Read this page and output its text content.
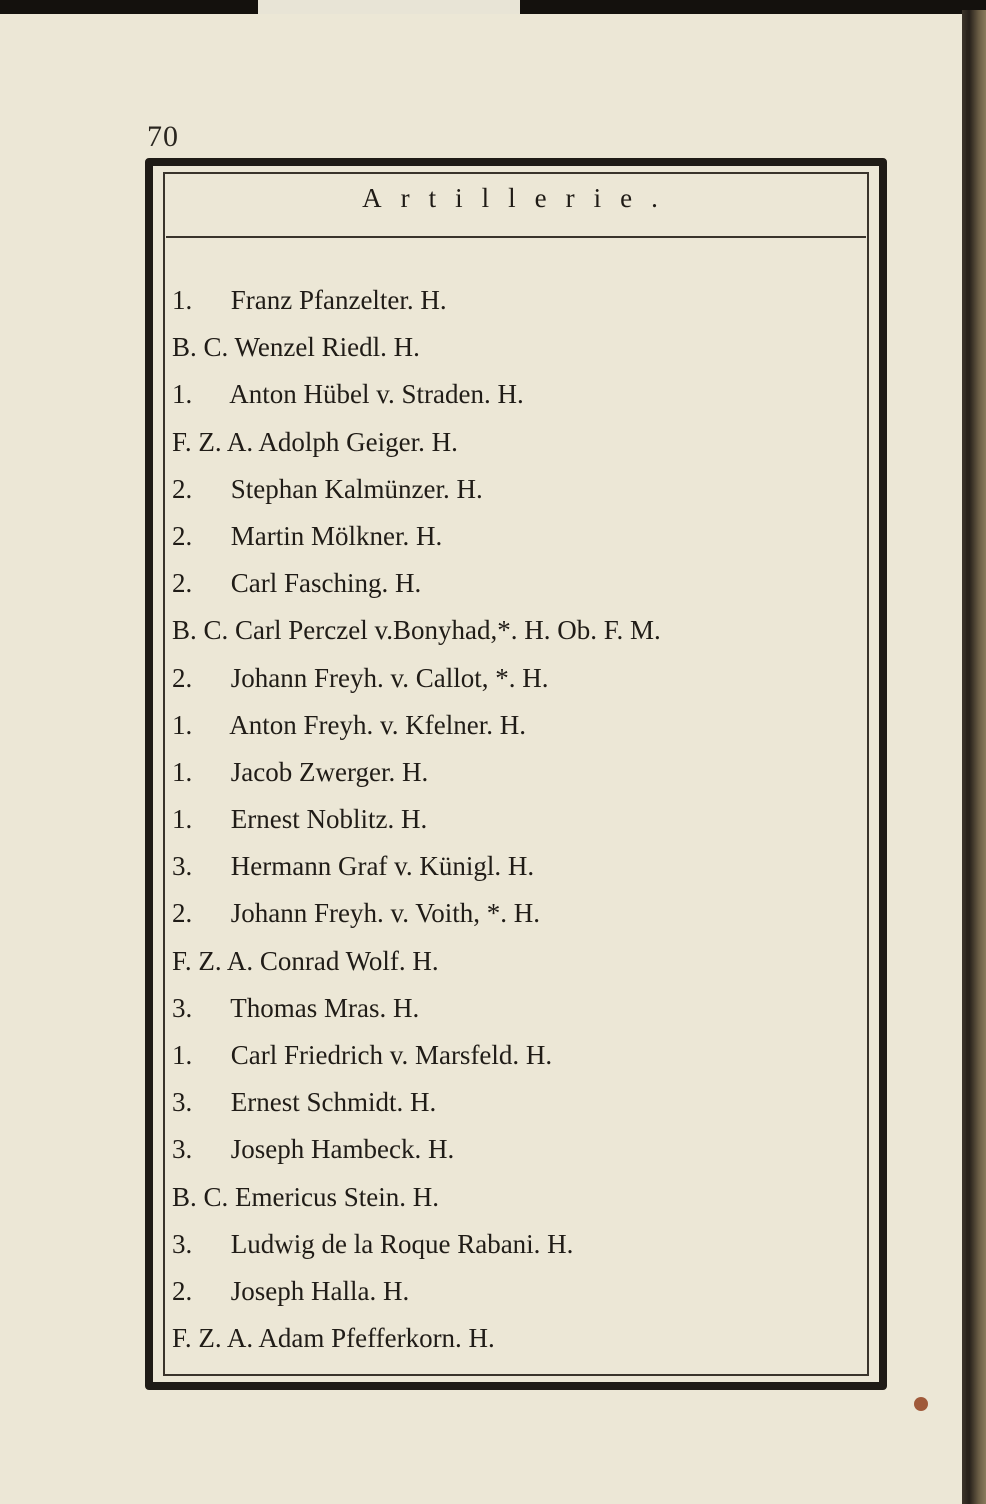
70
Artillerie.
1. Franz Pfanzelter. H.
B. C. Wenzel Riedl. H.
1. Anton Hübel v. Straden. H.
F. Z. A. Adolph Geiger. H.
2. Stephan Kalmünzer. H.
2. Martin Mölkner. H.
2. Carl Fasching. H.
B. C. Carl Perczel v.Bonyhad,*. H. Ob. F. M.
2. Johann Freyh. v. Callot, *. H.
1. Anton Freyh. v. Kfelner. H.
1. Jacob Zwerger. H.
1. Ernest Noblitz. H.
3. Hermann Graf v. Künigl. H.
2. Johann Freyh. v. Voith, *. H.
F. Z. A. Conrad Wolf. H.
3. Thomas Mras. H.
1. Carl Friedrich v. Marsfeld. H.
3. Ernest Schmidt. H.
3. Joseph Hambeck. H.
B. C. Emericus Stein. H.
3. Ludwig de la Roque Rabani. H.
2. Joseph Halla. H.
F. Z. A. Adam Pfefferkorn. H.
